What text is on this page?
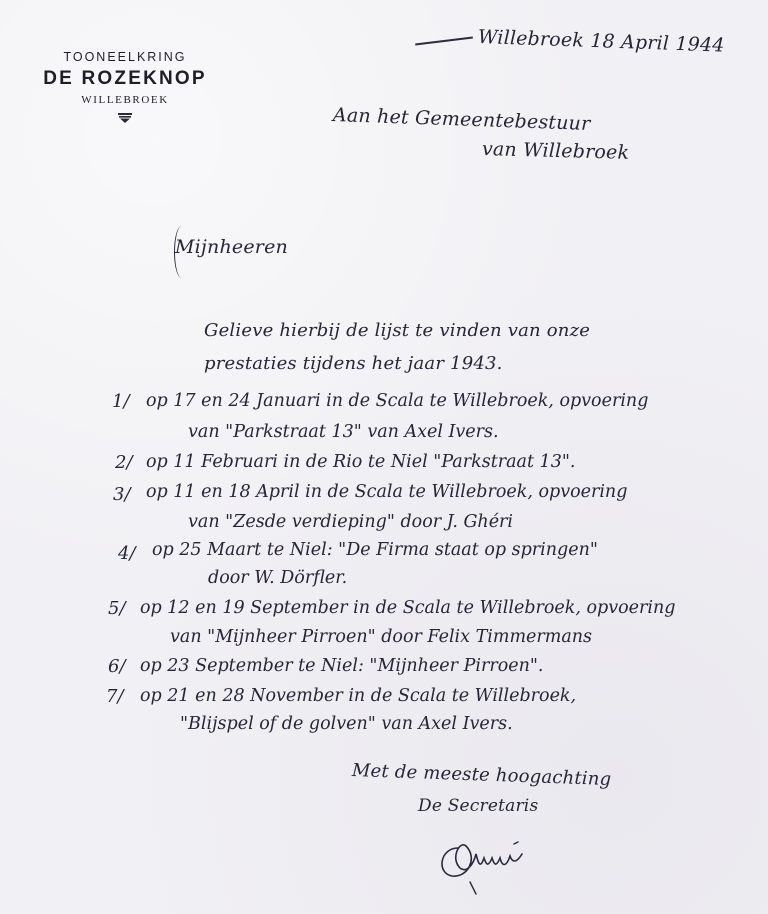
TOONEELKRING
DE ROZEKNOP
WILLEBROEK
Willebroek 18 April 1944
Aan het Gemeentebestuur
van Willebroek
Mijnheeren
Gelieve hierbij de lijst te vinden van onze
prestaties tijdens het jaar 1943.
1/ op 17 en 24 Januari in de Scala te Willebroek, opvoering
van "Parkstraat 13" van Axel Ivers.
2/ op 11 Februari in de Rio te Niel "Parkstraat 13".
3/ op 11 en 18 April in de Scala te Willebroek, opvoering
van "Zesde verdieping" door J. Ghéri
4/ op 25 Maart te Niel: "De Firma staat op springen"
door W. Dörfler.
5/ op 12 en 19 September in de Scala te Willebroek, opvoering
van "Mijnheer Pirroen" door Felix Timmermans
6/ op 23 September te Niel: "Mijnheer Pirroen".
7/ op 21 en 28 November in de Scala te Willebroek,
"Blijspel of de golven" van Axel Ivers.
Met de meeste hoogachting
De Secretaris
